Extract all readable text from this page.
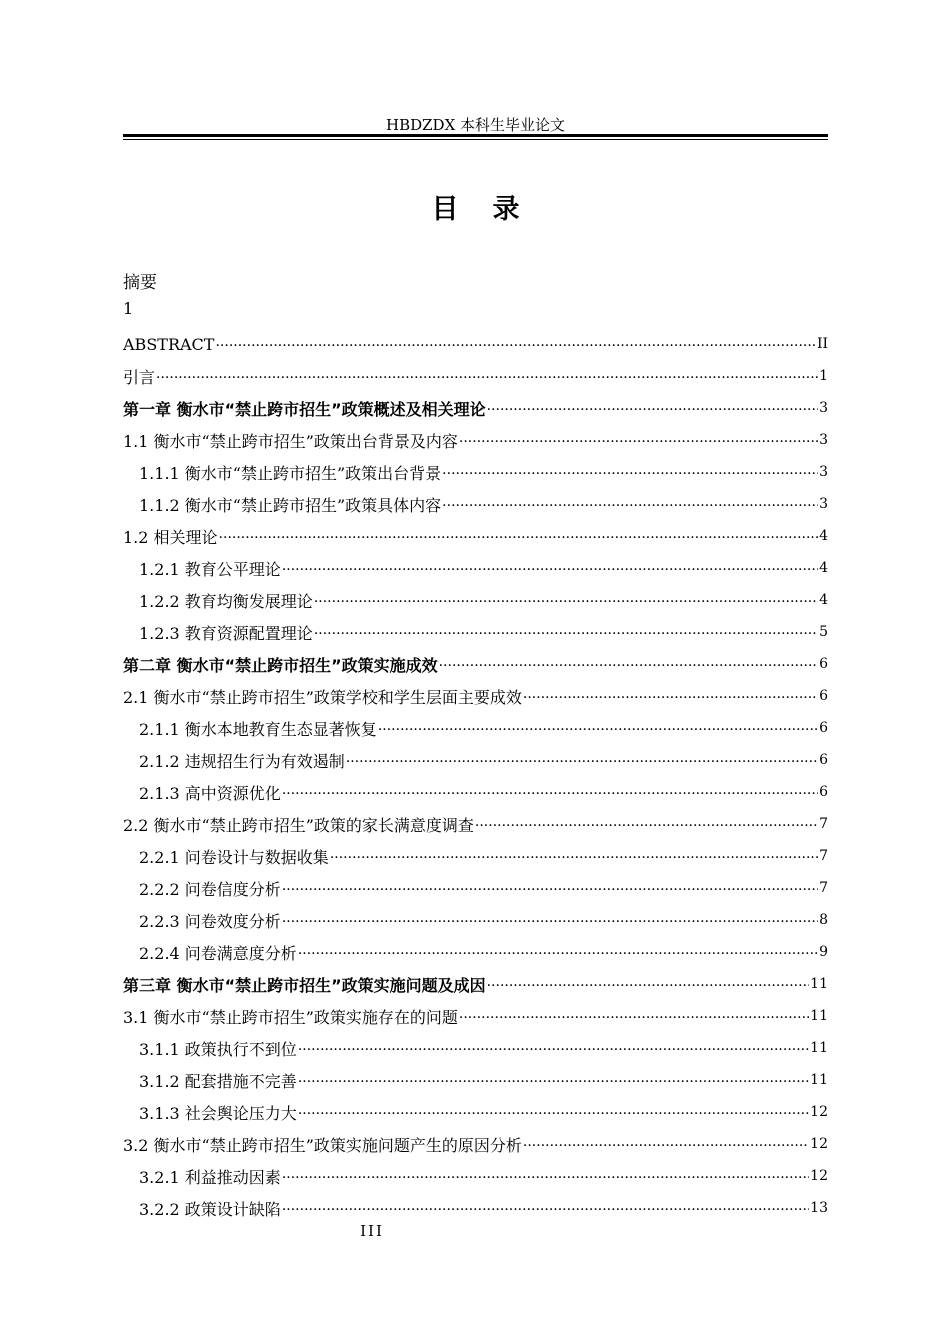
HBDZDX 本科生毕业论文
目录
摘要
1
ABSTRACT ·····	II
引言 ·····	1
第一章 衡水市“禁止跨市招生”政策概述及相关理论 ·····	3
1.1 衡水市“禁止跨市招生”政策出台背景及内容 ·····	3
1.1.1 衡水市“禁止跨市招生”政策出台背景 ·····	3
1.1.2 衡水市“禁止跨市招生”政策具体内容 ·····	3
1.2 相关理论 ·····	4
1.2.1 教育公平理论 ·····	4
1.2.2 教育均衡发展理论 ·····	4
1.2.3 教育资源配置理论 ·····	5
第二章 衡水市“禁止跨市招生”政策实施成效 ·····	6
2.1 衡水市“禁止跨市招生”政策学校和学生层面主要成效 ·····	6
2.1.1 衡水本地教育生态显著恢复 ·····	6
2.1.2 违规招生行为有效遏制 ·····	6
2.1.3 高中资源优化 ·····	6
2.2 衡水市“禁止跨市招生”政策的家长满意度调查 ·····	7
2.2.1 问卷设计与数据收集 ·····	7
2.2.2 问卷信度分析 ·····	7
2.2.3 问卷效度分析 ·····	8
2.2.4 问卷满意度分析 ·····	9
第三章 衡水市“禁止跨市招生”政策实施问题及成因 ·····	11
3.1 衡水市“禁止跨市招生”政策实施存在的问题 ·····	11
3.1.1 政策执行不到位 ·····	11
3.1.2 配套措施不完善 ·····	11
3.1.3 社会舆论压力大 ·····	12
3.2 衡水市“禁止跨市招生”政策实施问题产生的原因分析 ·····	12
3.2.1 利益推动因素 ·····	12
3.2.2 政策设计缺陷 ·····	13
III
